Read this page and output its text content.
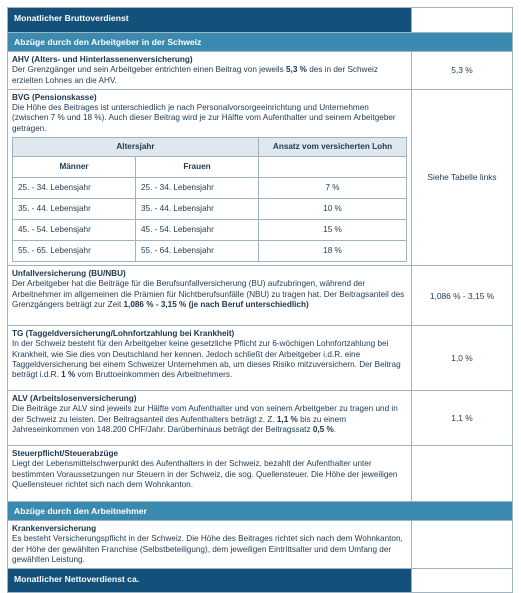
Monatlicher Bruttoverdienst	
Abzüge durch den Arbeitgeber in der Schweiz

AHV (Alters- und Hinterlassenenversicherung)
Der Grenzgänger und sein Arbeitgeber entrichten einen Beitrag von jeweils 5,3 % des in der Schweiz erzielten Lohnes an die AHV.	5,3 %

BVG (Pensionskasse)
Die Höhe des Beitrages ist unterschiedlich je nach Personalvorsorgeeinrichtung und Unternehmen (zwischen 7 % und 18 %). Auch dieser Beitrag wird je zur Hälfte vom Aufenthalter und seinem Arbeitgeber getragen.
Altersjahr	Ansatz vom versicherten Lohn
Männer	Frauen	
25. - 34. Lebensjahr	25. - 34. Lebensjahr	7 %
35. - 44. Lebensjahr	35. - 44. Lebensjahr	10 %
45. - 54. Lebensjahr	45. - 54. Lebensjahr	15 %
55. - 65. Lebensjahr	55. - 64. Lebensjahr	18 %
	Siehe Tabelle links

Unfallversicherung (BU/NBU)
Der Arbeitgeber hat die Beiträge für die Berufsunfallversicherung (BU) aufzubringen, während der Arbeitnehmer im allgemeinen die Prämien für Nichtberufsunfälle (NBU) zu tragen hat. Der Beitragsanteil des Grenzgängers beträgt zur Zeit 1,086 % - 3,15 % (je nach Beruf unterschiedlich)	1,086 % - 3,15 %

TG (Taggeldversicherung/Lohnfortzahlung bei Krankheit)
In der Schweiz besteht für den Arbeitgeber keine gesetzliche Pflicht zur 6-wöchigen Lohnfortzahlung bei Krankheit, wie Sie dies von Deutschland her kennen. Jedoch schließt der Arbeitgeber i.d.R. eine Taggeldversicherung bei einem Schweizer Unternehmen ab, um dieses Risiko mitzuversichern. Der Beitrag beträgt i.d.R. 1 % vom Bruttoeinkommen des Arbeitnehmers.	1,0 %

ALV (Arbeitslosenversicherung)
Die Beiträge zur ALV sind jeweils zur Hälfte vom Aufenthalter und von seinem Arbeitgeber zu tragen und in der Schweiz zu leisten. Der Beitragsanteil des Aufenthalters beträgt z. Z. 1,1 % bis zu einem Jahreseinkommen von 148.200 CHF/Jahr. Darüberhinaus beträgt der Beitragssatz 0,5 %.	1,1 %

Steuerpflicht/Steuerabzüge
Liegt der Lebensmittelschwerpunkt des Aufenthalters in der Schweiz, bezahlt der Aufenthalter unter bestimmten Voraussetzungen nur Steuern in der Schweiz, die sog. Quellensteuer. Die Höhe der jeweiligen Quellensteuer richtet sich nach dem Wohnkanton.	
Abzüge durch den Arbeitnehmer

Krankenversicherung
Es besteht Versicherungspflicht in der Schweiz. Die Höhe des Beitrages richtet sich nach dem Wohnkanton, der Höhe der gewählten Franchise (Selbstbeteiligung), dem jeweiligen Eintrittsalter und dem Umfang der gewählten Leistung.	
Monatlicher Nettoverdienst ca.	
